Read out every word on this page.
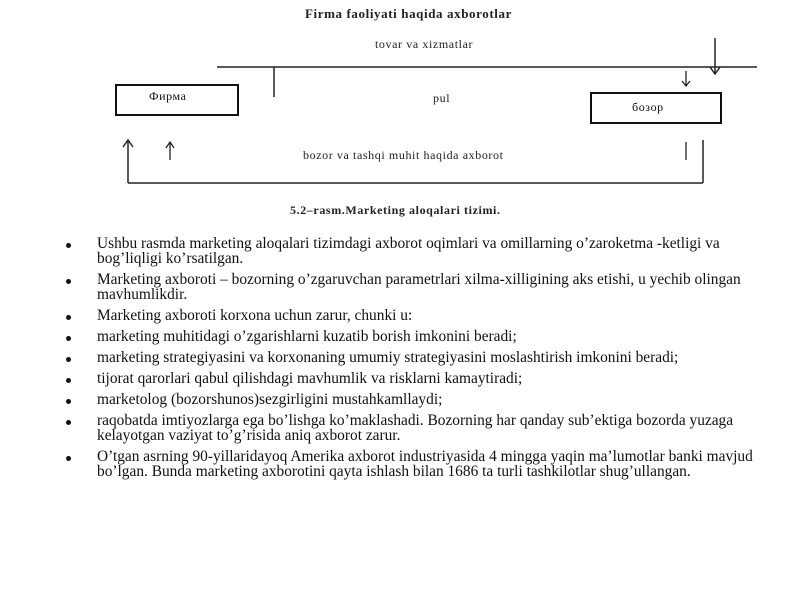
Firma faoliyati haqida axborotlar
tovar va xizmatlar
Фирма	pul
бозор
bozor va tashqi muhit haqida axborot
5.2–rasm.Marketing aloqalari tizimi.
Ushbu rasmda marketing aloqalari tizimdagi axborot oqimlari va omillarning o’zaroketma -ketligi va bog’liqligi ko’rsatilgan.
Marketing axboroti – bozorning o’zgaruvchan parametrlari xilma-xilligining aks etishi, u yechib olingan mavhumlikdir.
Marketing axboroti korxona uchun zarur, chunki u:
marketing muhitidagi o’zgarishlarni kuzatib borish imkonini beradi;
marketing strategiyasini va korxonaning umumiy strategiyasini moslashtirish imkonini beradi;
tijorat qarorlari qabul qilishdagi mavhumlik va risklarni kamaytiradi;
marketolog (bozorshunos)sezgirligini mustahkamllaydi;
raqobatda imtiyozlarga ega bo’lishga ko’maklashadi. Bozorning har qanday sub’ektiga bozorda yuzaga kelayotgan vaziyat to’g’risida aniq axborot zarur.
O’tgan asrning 90-yillaridayoq Amerika axborot industriyasida 4 mingga yaqin ma’lumotlar banki mavjud bo’lgan. Bunda marketing axborotini qayta ishlash bilan 1686 ta turli tashkilotlar shug’ullangan.
